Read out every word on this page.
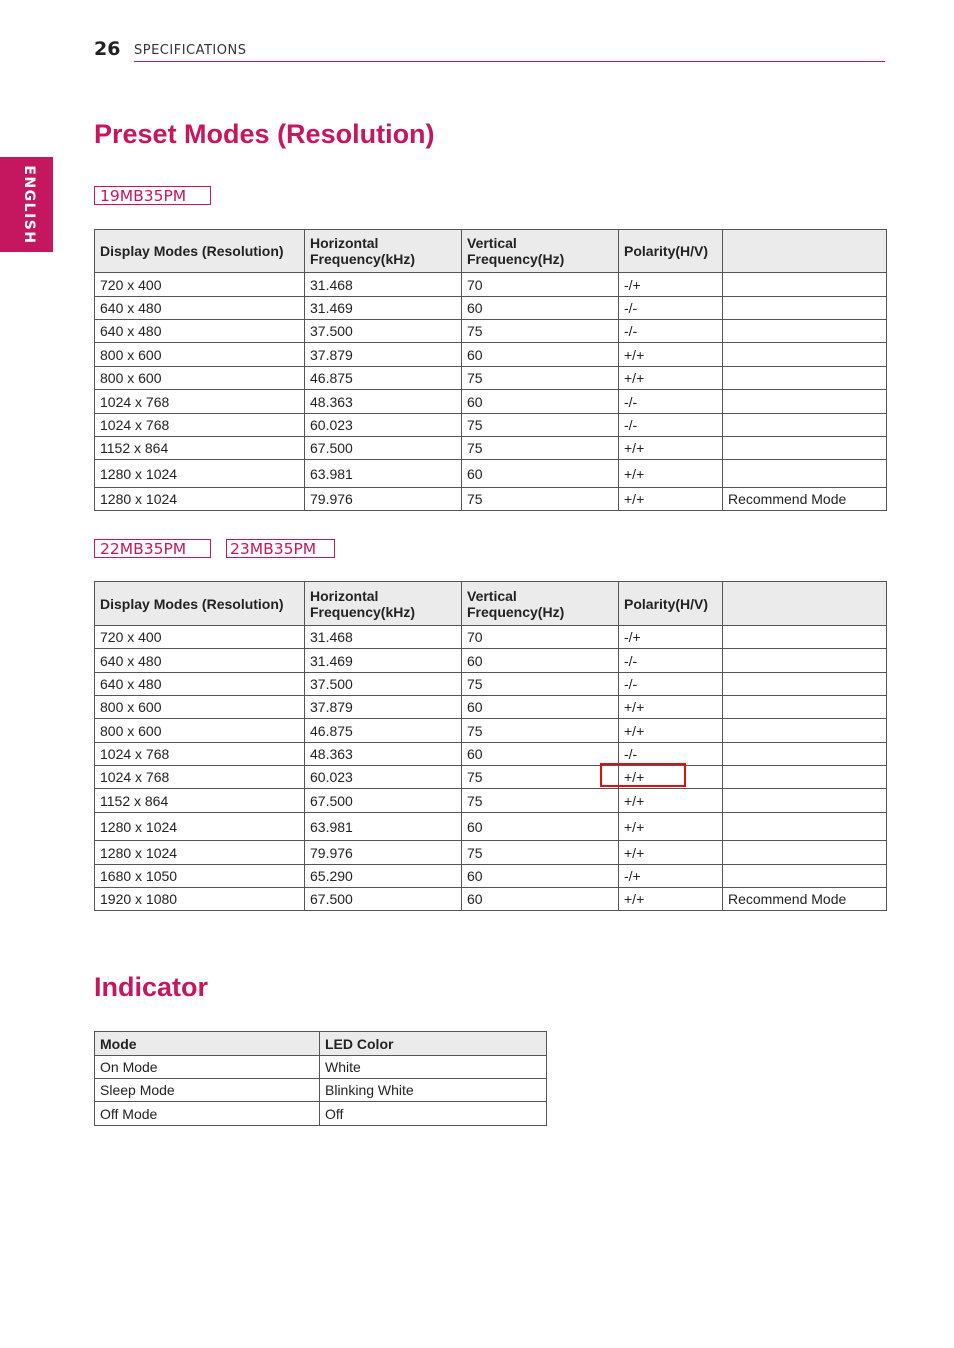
26 SPECIFICATIONS
ENGLISH
Preset Modes (Resolution)
19MB35PM
Display Modes (Resolution)	Horizontal Frequency(kHz)	Vertical Frequency(Hz)	Polarity(H/V)	
720 x 400	31.468	70	-/+	
640 x 480	31.469	60	-/-	
640 x 480	37.500	75	-/-	
800 x 600	37.879	60	+/+	
800 x 600	46.875	75	+/+	
1024 x 768	48.363	60	-/-	
1024 x 768	60.023	75	-/-	
1152 x 864	67.500	75	+/+	
1280 x 1024	63.981	60	+/+	
1280 x 1024	79.976	75	+/+	Recommend Mode
22MB35PM	23MB35PM
Display Modes (Resolution)	Horizontal Frequency(kHz)	Vertical Frequency(Hz)	Polarity(H/V)	
720 x 400	31.468	70	-/+	
640 x 480	31.469	60	-/-	
640 x 480	37.500	75	-/-	
800 x 600	37.879	60	+/+	
800 x 600	46.875	75	+/+	
1024 x 768	48.363	60	-/-	
1024 x 768	60.023	75	+/+	
1152 x 864	67.500	75	+/+	
1280 x 1024	63.981	60	+/+	
1280 x 1024	79.976	75	+/+	
1680 x 1050	65.290	60	-/+	
1920 x 1080	67.500	60	+/+	Recommend Mode
Indicator
Mode	LED Color
On Mode	White
Sleep Mode	Blinking White
Off Mode	Off
